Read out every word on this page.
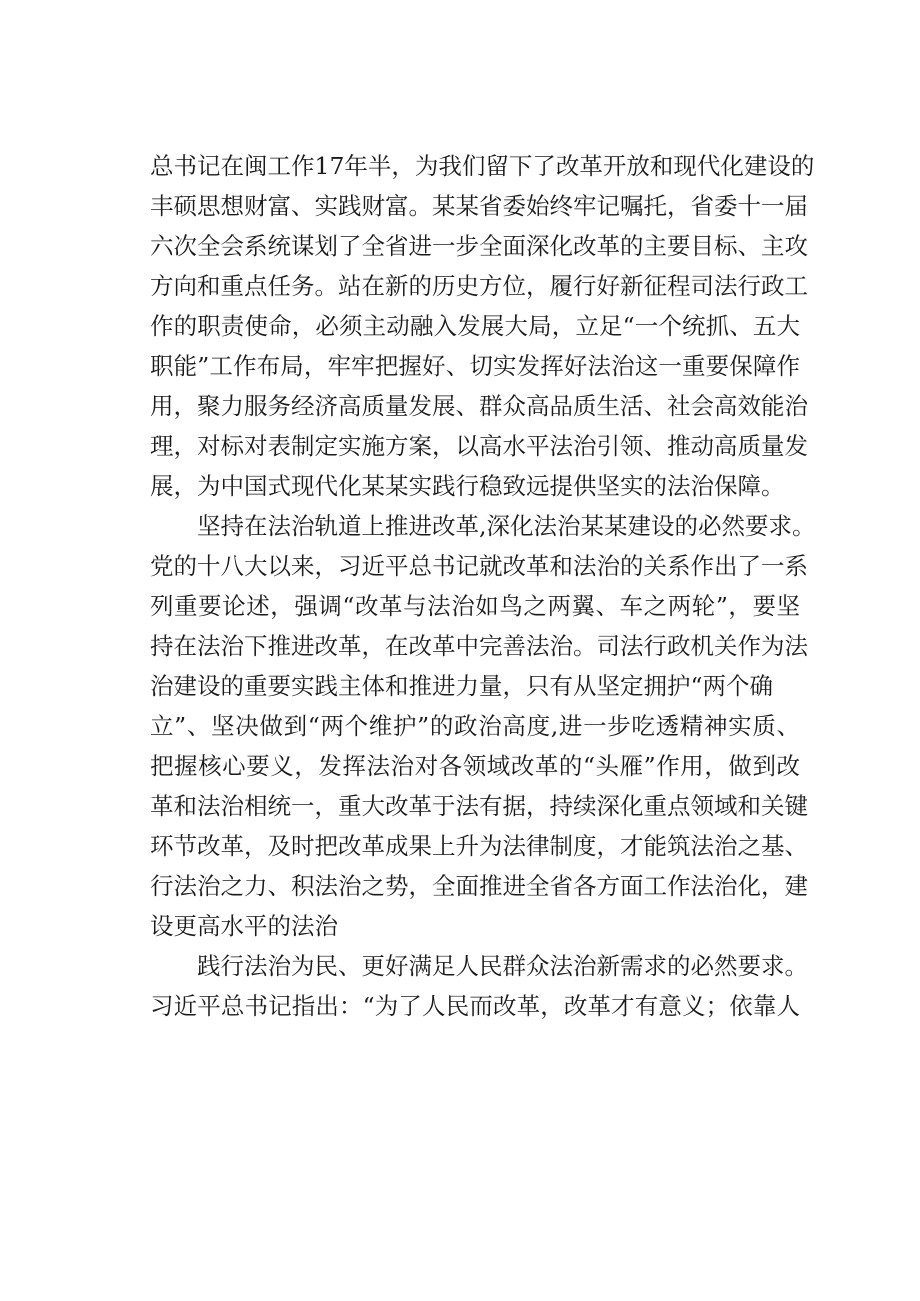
总书记在闽工作17年半，为我们留下了改革开放和现代化建设的
丰硕思想财富、实践财富。某某省委始终牢记嘱托，省委十一届
六次全会系统谋划了全省进一步全面深化改革的主要目标、主攻
方向和重点任务。站在新的历史方位，履行好新征程司法行政工
作的职责使命，必须主动融入发展大局，立足“一个统抓、五大
职能”工作布局，牢牢把握好、切实发挥好法治这一重要保障作
用，聚力服务经济高质量发展、群众高品质生活、社会高效能治
理，对标对表制定实施方案，以高水平法治引领、推动高质量发
展，为中国式现代化某某实践行稳致远提供坚实的法治保障。
坚持在法治轨道上推进改革,深化法治某某建设的必然要求。
党的十八大以来，习近平总书记就改革和法治的关系作出了一系
列重要论述，强调“改革与法治如鸟之两翼、车之两轮”，要坚
持在法治下推进改革，在改革中完善法治。司法行政机关作为法
治建设的重要实践主体和推进力量，只有从坚定拥护“两个确
立”、坚决做到“两个维护”的政治高度,进一步吃透精神实质、
把握核心要义，发挥法治对各领域改革的“头雁”作用，做到改
革和法治相统一，重大改革于法有据，持续深化重点领域和关键
环节改革，及时把改革成果上升为法律制度，才能筑法治之基、
行法治之力、积法治之势，全面推进全省各方面工作法治化，建
设更高水平的法治
践行法治为民、更好满足人民群众法治新需求的必然要求。
习近平总书记指出：“为了人民而改革，改革才有意义；依靠人
